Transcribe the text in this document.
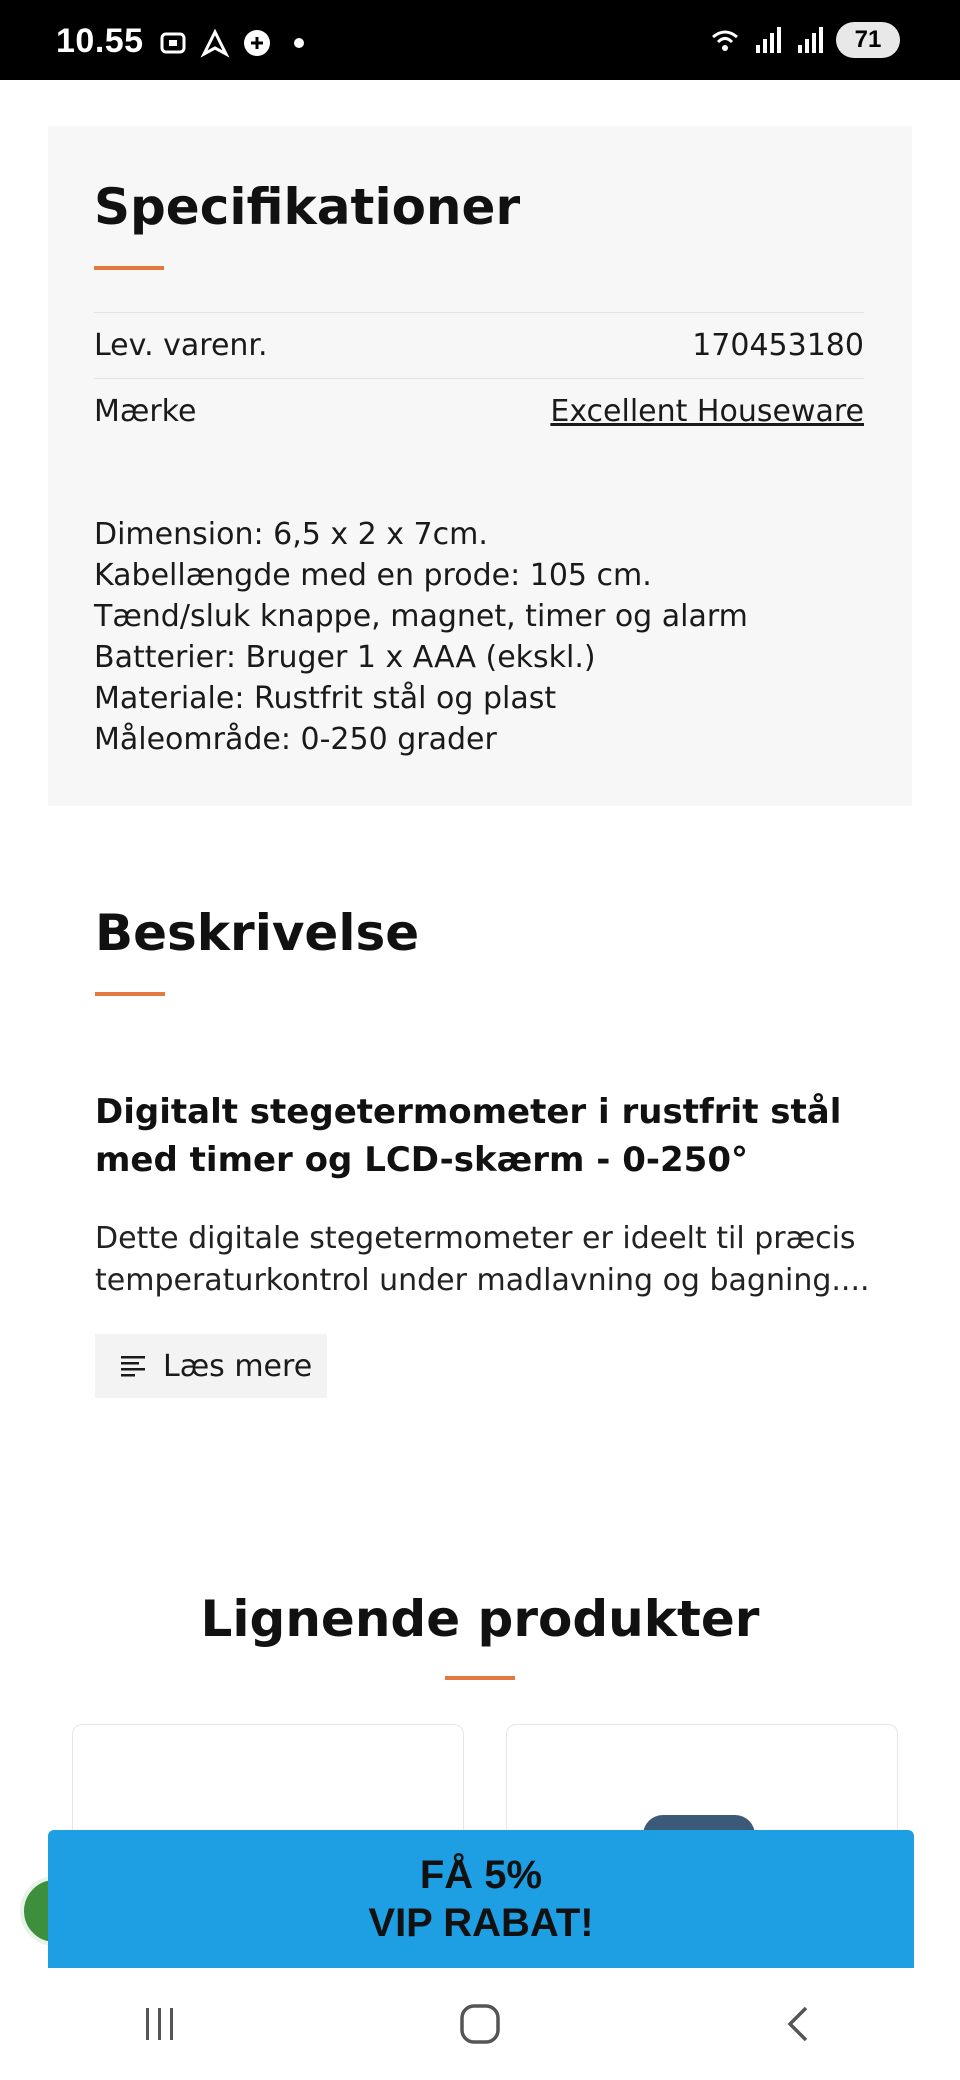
10.55	71
Specifikationer
Lev. varenr.	170453180
Mærke	Excellent Houseware
Dimension: 6,5 x 2 x 7cm.
Kabellængde med en prode: 105 cm.
Tænd/sluk knappe, magnet, timer og alarm
Batterier: Bruger 1 x AAA (ekskl.)
Materiale: Rustfrit stål og plast
Måleområde: 0-250 grader
Beskrivelse
Digitalt stegetermometer i rustfrit stål med timer og LCD-skærm - 0-250°

Dette digitale stegetermometer er ideelt til præcis temperaturkontrol under madlavning og bagning....

Læs mere
Lignende produkter
FÅ 5%
VIP RABAT!
